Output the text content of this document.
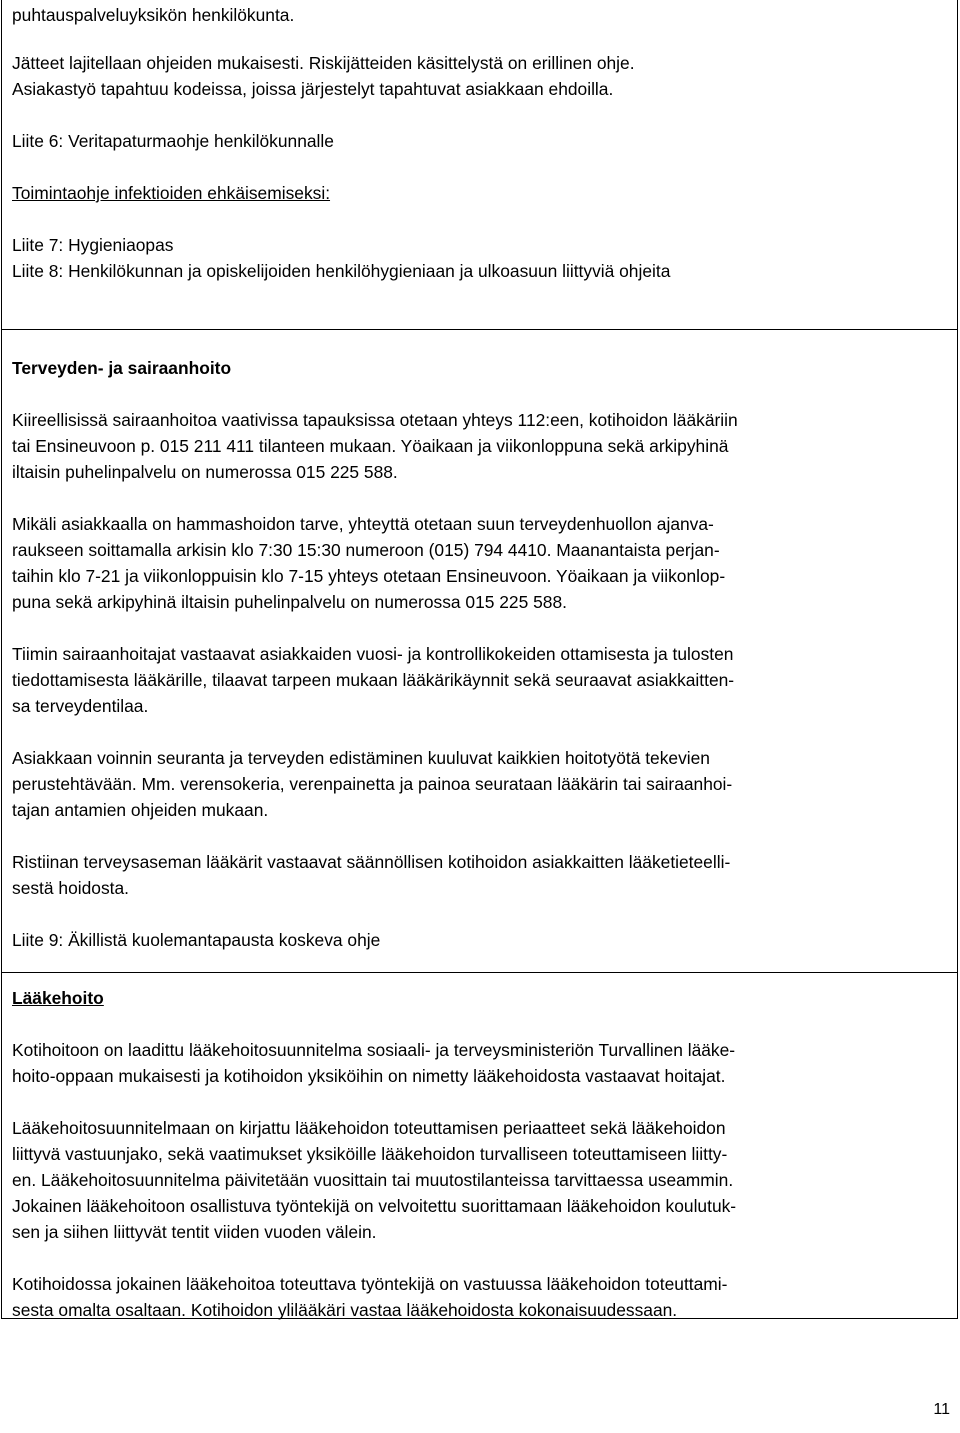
puhtauspalveluyksikön henkilökunta.

Jätteet lajitellaan ohjeiden mukaisesti. Riskijätteiden käsittelystä on erillinen ohje.

Asiakastyö tapahtuu kodeissa, joissa järjestelyt tapahtuvat asiakkaan ehdoilla.

Liite 6: Veritapaturmaohje henkilökunnalle

Toimintaohje infektioiden ehkäisemiseksi:

Liite 7: Hygieniaopas

Liite 8: Henkilökunnan ja opiskelijoiden henkilöhygieniaan ja ulkoasuun liittyviä ohjeita

Terveyden- ja sairaanhoito

Kiireellisissä sairaanhoitoa vaativissa tapauksissa otetaan yhteys 112:een, kotihoidon lääkäriin

tai Ensineuvoon p. 015 211 411 tilanteen mukaan. Yöaikaan ja viikonloppuna sekä arkipyhinä

iltaisin puhelinpalvelu on numerossa 015 225 588.

Mikäli asiakkaalla on hammashoidon tarve, yhteyttä otetaan suun terveydenhuollon ajanva-

raukseen soittamalla arkisin klo 7:30 15:30 numeroon (015) 794 4410. Maanantaista perjan-

taihin klo 7-21 ja viikonloppuisin klo 7-15 yhteys otetaan Ensineuvoon. Yöaikaan ja viikonlop-

puna sekä arkipyhinä iltaisin puhelinpalvelu on numerossa 015 225 588.

Tiimin sairaanhoitajat vastaavat asiakkaiden vuosi- ja kontrollikokeiden ottamisesta ja tulosten

tiedottamisesta lääkärille, tilaavat tarpeen mukaan lääkärikäynnit sekä seuraavat asiakkaitten-

sa terveydentilaa.

Asiakkaan voinnin seuranta ja terveyden edistäminen kuuluvat kaikkien hoitotyötä tekevien

perustehtävään. Mm. verensokeria, verenpainetta ja painoa seurataan lääkärin tai sairaanhoi-

tajan antamien ohjeiden mukaan.

Ristiinan terveysaseman lääkärit vastaavat säännöllisen kotihoidon asiakkaitten lääketieteelli-

sestä hoidosta.

Liite 9: Äkillistä kuolemantapausta koskeva ohje

Lääkehoito

Kotihoitoon on laadittu lääkehoitosuunnitelma sosiaali- ja terveysministeriön Turvallinen lääke-

hoito-oppaan mukaisesti ja kotihoidon yksiköihin on nimetty lääkehoidosta vastaavat hoitajat.

Lääkehoitosuunnitelmaan on kirjattu lääkehoidon toteuttamisen periaatteet sekä lääkehoidon

liittyvä vastuunjako, sekä vaatimukset yksiköille lääkehoidon turvalliseen toteuttamiseen liitty-

en. Lääkehoitosuunnitelma päivitetään vuosittain tai muutostilanteissa tarvittaessa useammin.

Jokainen lääkehoitoon osallistuva työntekijä on velvoitettu suorittamaan lääkehoidon koulutuk-

sen ja siihen liittyvät tentit viiden vuoden välein.

Kotihoidossa jokainen lääkehoitoa toteuttava työntekijä on vastuussa lääkehoidon toteuttami-

sesta omalta osaltaan. Kotihoidon ylilääkäri vastaa lääkehoidosta kokonaisuudessaan.

11
